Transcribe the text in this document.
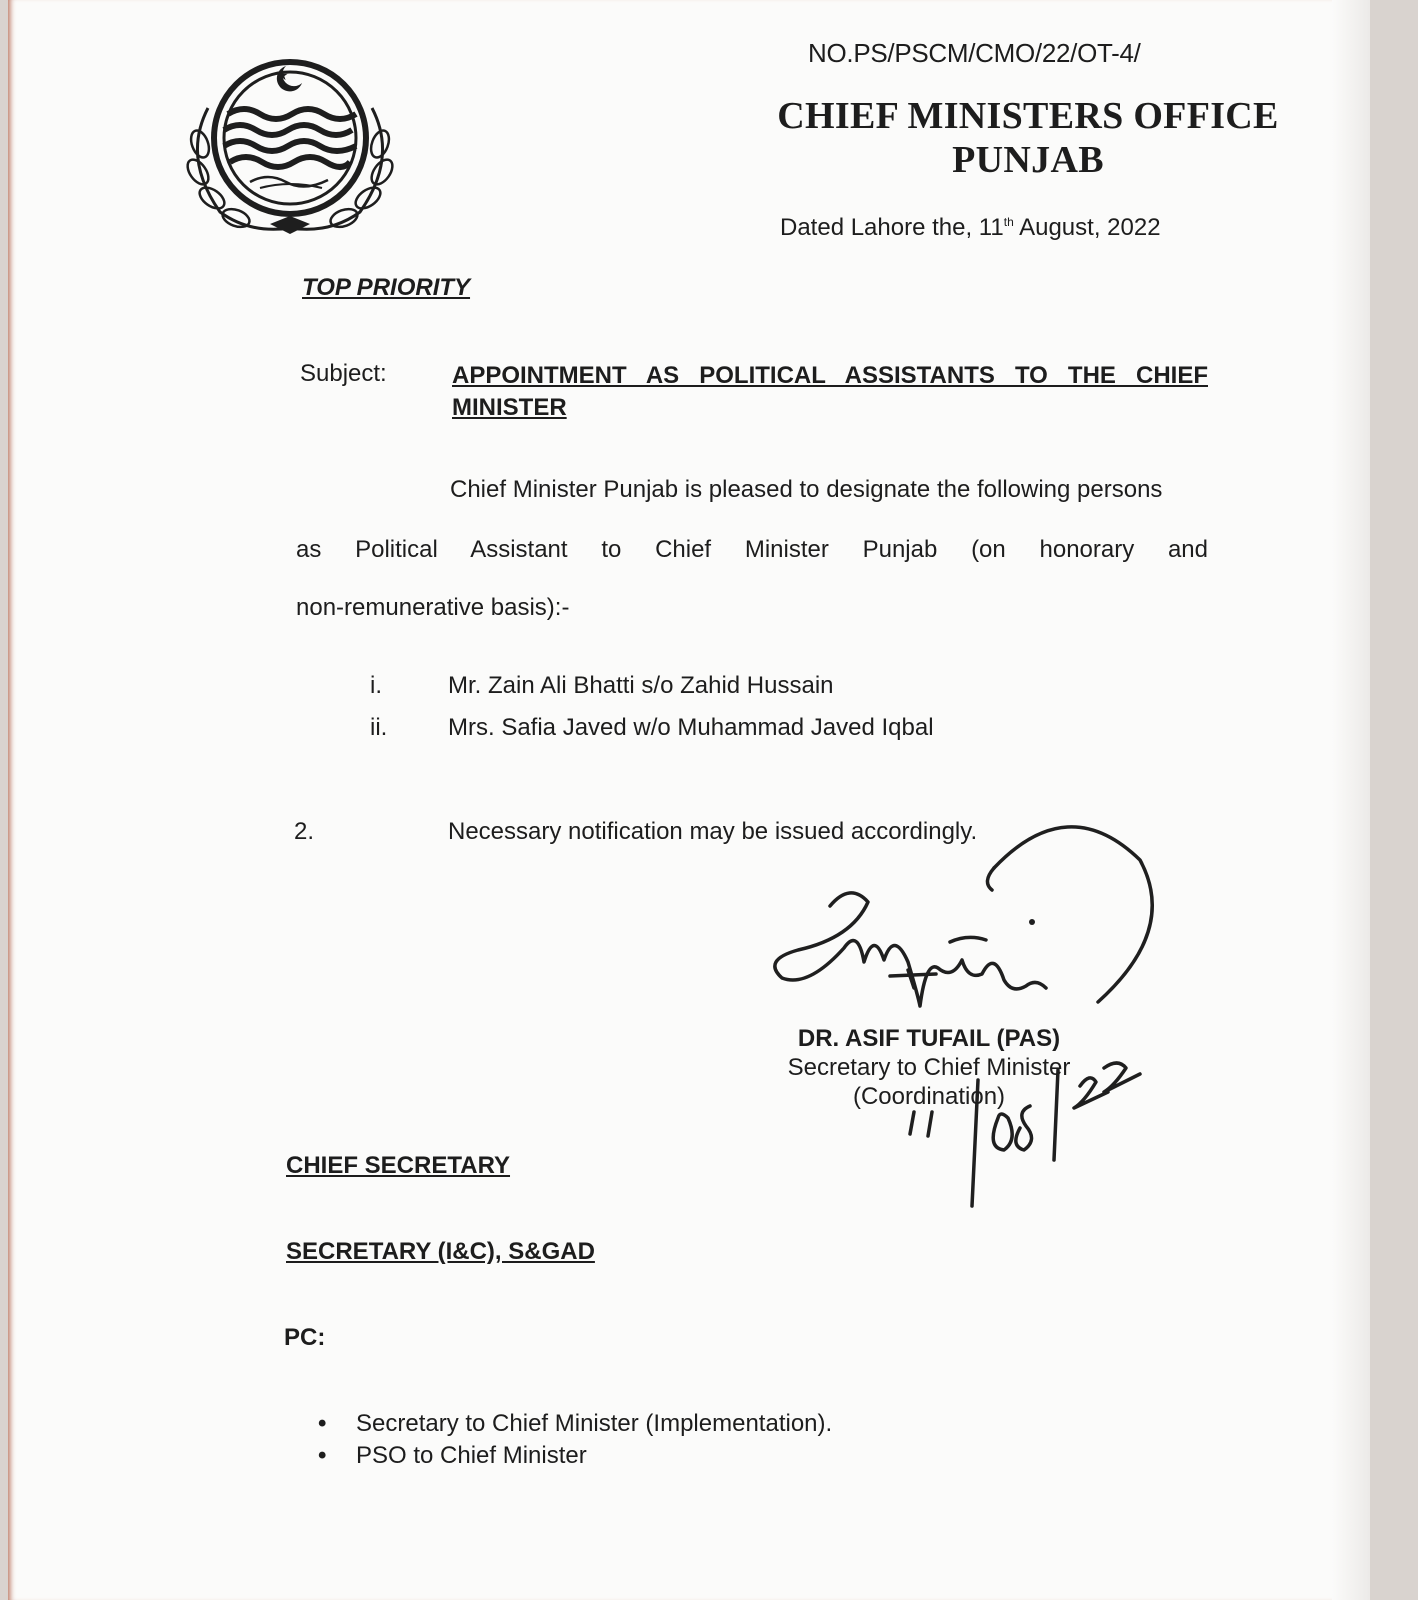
★
NO.PS/PSCM/CMO/22/OT-4/
CHIEF MINISTERS OFFICE
PUNJAB
Dated Lahore the, 11th August, 2022
TOP PRIORITY
Subject:	APPOINTMENT AS POLITICAL ASSISTANTS TO THE CHIEF MINISTER
Chief Minister Punjab is pleased to designate the following persons
as Political Assistant to Chief Minister Punjab (on honorary and
non-remunerative basis):-
i.	Mr. Zain Ali Bhatti s/o Zahid Hussain
ii.	Mrs. Safia Javed w/o Muhammad Javed Iqbal
2.	Necessary notification may be issued accordingly.
DR. ASIF TUFAIL (PAS)
Secretary to Chief Minister
(Coordination)
CHIEF SECRETARY
SECRETARY (I&C), S&GAD
PC:
• Secretary to Chief Minister (Implementation).
• PSO to Chief Minister
